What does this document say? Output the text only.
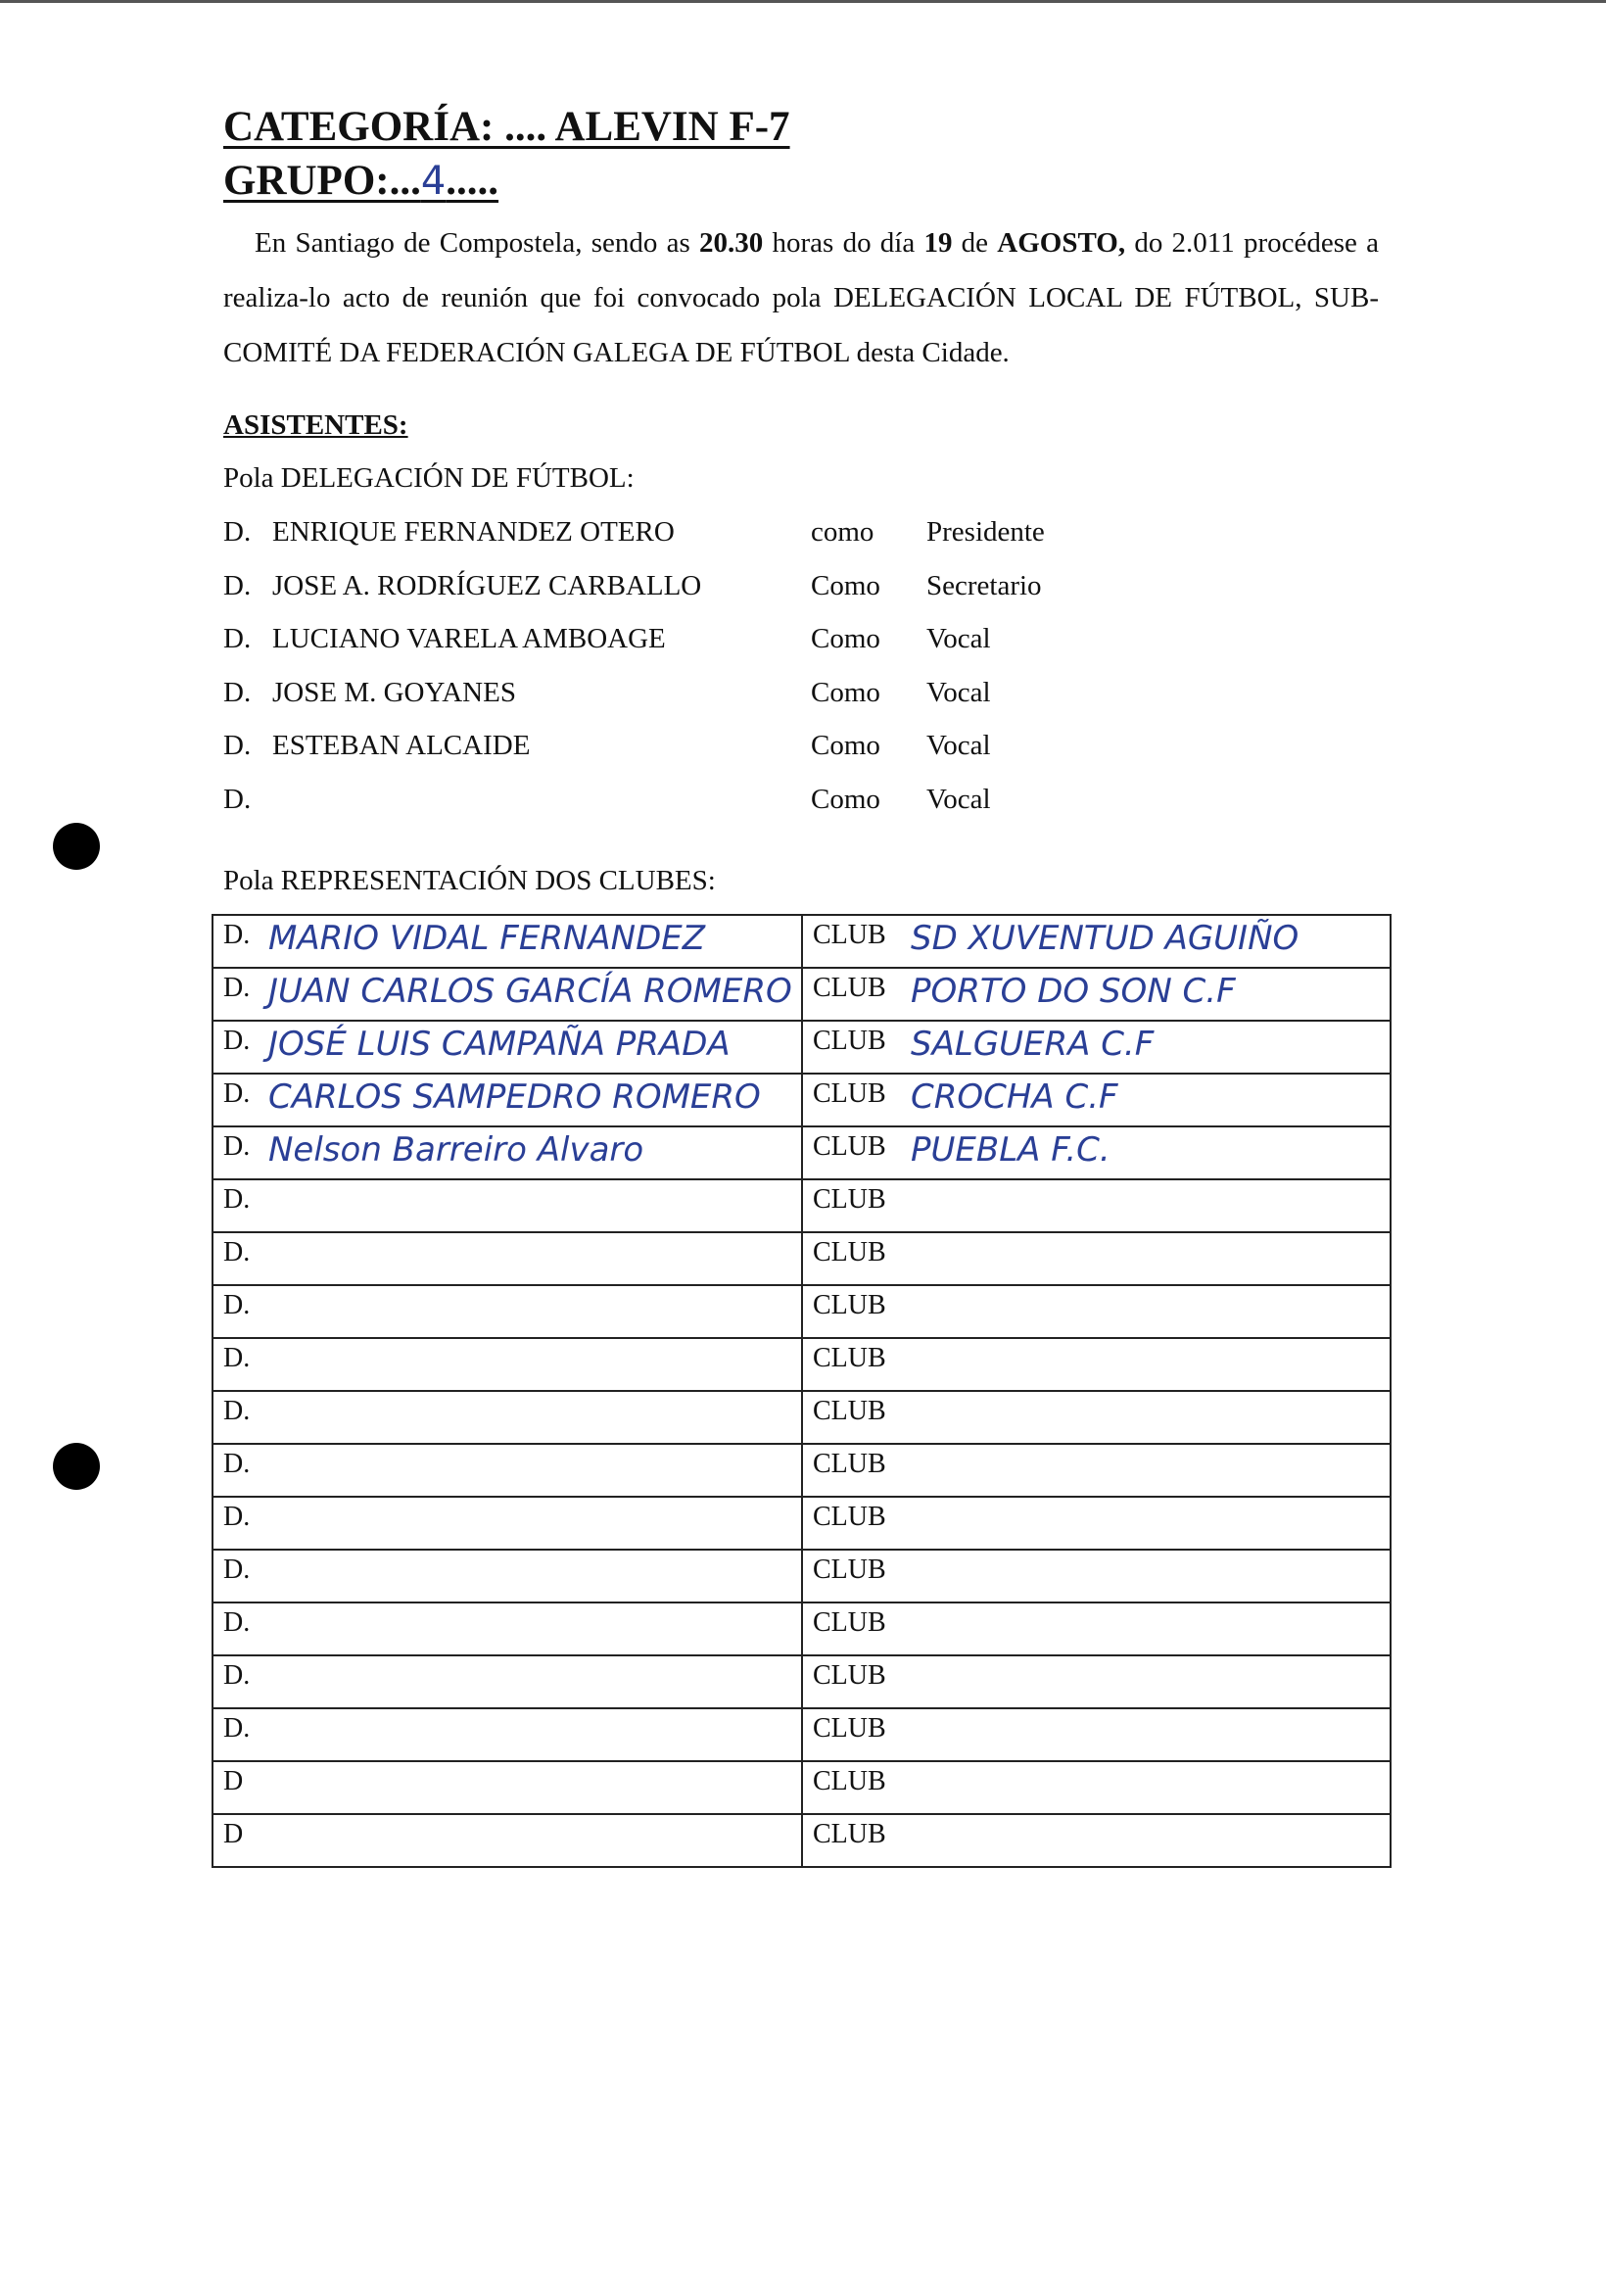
CATEGORÍA: .... ALEVIN F-7
GRUPO:...4.....

En Santiago de Compostela, sendo as 20.30 horas do día 19 de AGOSTO, do 2.011 procédese a realiza-lo acto de reunión que foi convocado pola DELEGACIÓN LOCAL DE FÚTBOL, SUB-COMITÉ DA FEDERACIÓN GALEGA DE FÚTBOL desta Cidade.

ASISTENTES:
Pola DELEGACIÓN DE FÚTBOL:
D. ENRIQUE FERNANDEZ OTERO	como Presidente
D. JOSE A. RODRÍGUEZ CARBALLO	Como Secretario
D. LUCIANO VARELA AMBOAGE	Como Vocal
D. JOSE M. GOYANES	Como Vocal
D. ESTEBAN ALCAIDE	Como Vocal
D.	Como Vocal
Pola REPRESENTACIÓN DOS CLUBES:
D. MARIO VIDAL FERNANDEZ	CLUB SD XUVENTUD AGUIÑO

D. JUAN CARLOS GARCÍA ROMERO	CLUB PORTO DO SON C.F

D. JOSÉ LUIS CAMPAÑA PRADA	CLUB SALGUERA C.F

D. CARLOS SAMPEDRO ROMERO	CLUB CROCHA C.F

D. Nelson Barreiro Alvaro	CLUB PUEBLA F.C.

D.	CLUB

D.	CLUB

D.	CLUB

D.	CLUB

D.	CLUB

D.	CLUB

D.	CLUB

D.	CLUB

D.	CLUB

D.	CLUB

D.	CLUB

D	CLUB

D	CLUB
